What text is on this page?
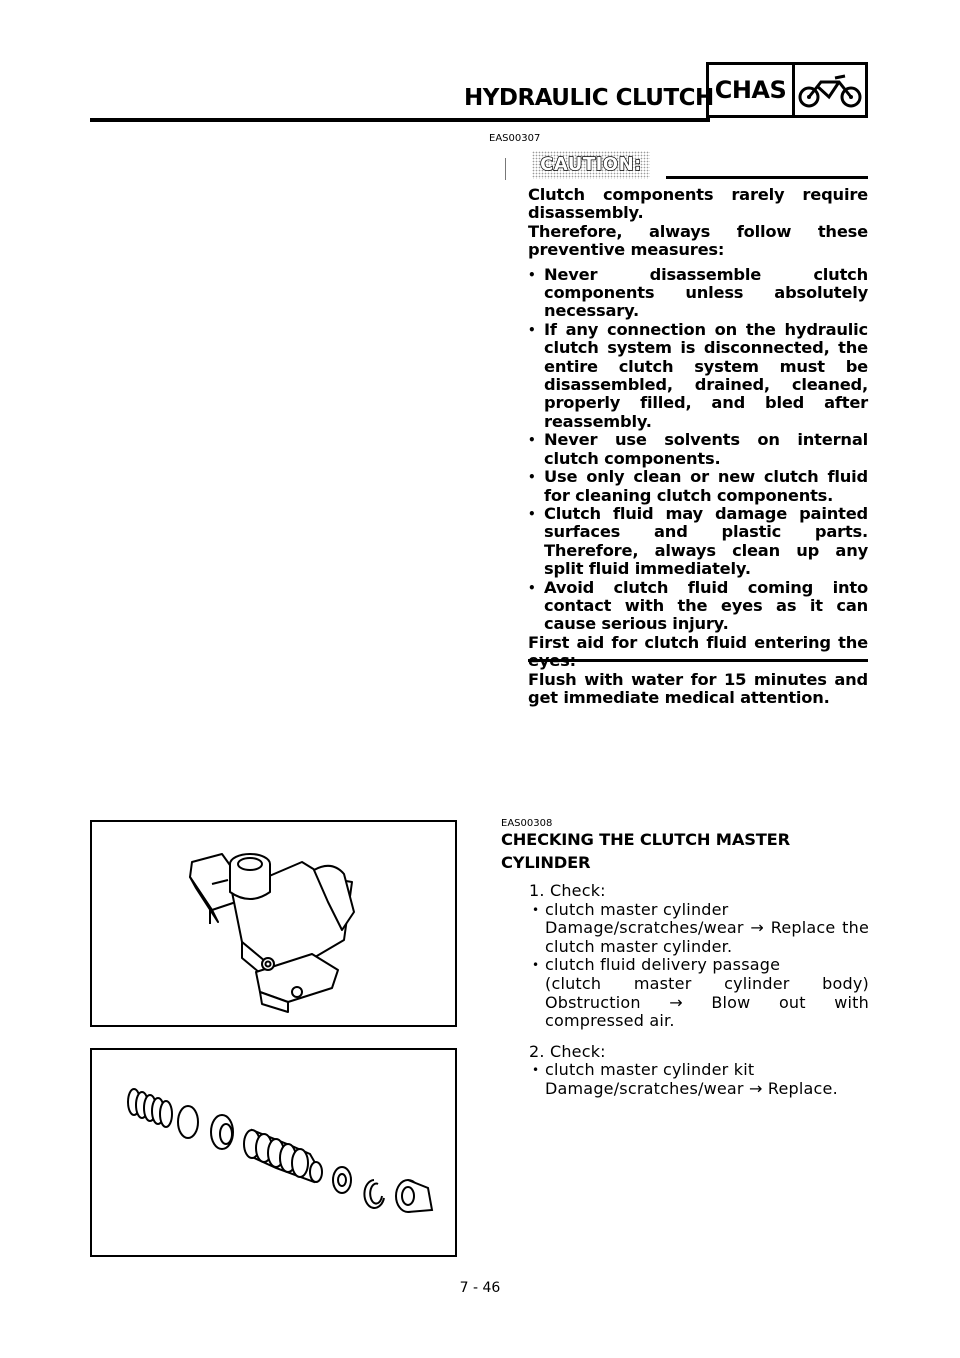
HYDRAULIC CLUTCH CHAS
EAS00307
CAUTION:

Clutch components rarely require disassembly.

Therefore, always follow these preventive measures:

• Never disassemble clutch components unless absolutely necessary.
• If any connection on the hydraulic clutch system is disconnected, the entire clutch system must be disassembled, drained, cleaned, properly filled, and bled after reassembly.
• Never use solvents on internal clutch components.
• Use only clean or new clutch fluid for cleaning clutch components.
• Clutch fluid may damage painted surfaces and plastic parts. Therefore, always clean up any split fluid immediately.
• Avoid clutch fluid coming into contact with the eyes as it can cause serious injury.

First aid for clutch fluid entering the

Flush with water for 15 minutes and get immediate medical attention.

EAS00308
CHECKING THE CLUTCH MASTER CYLINDER
1. Check:
• clutch master cylinder
Damage/scratches/wear → Replace the clutch master cylinder.
• clutch fluid delivery passage
(clutch master cylinder body) Obstruction → Blow out with compressed air.
2. Check:
• clutch master cylinder kit
Damage/scratches/wear → Replace.
7 - 46
